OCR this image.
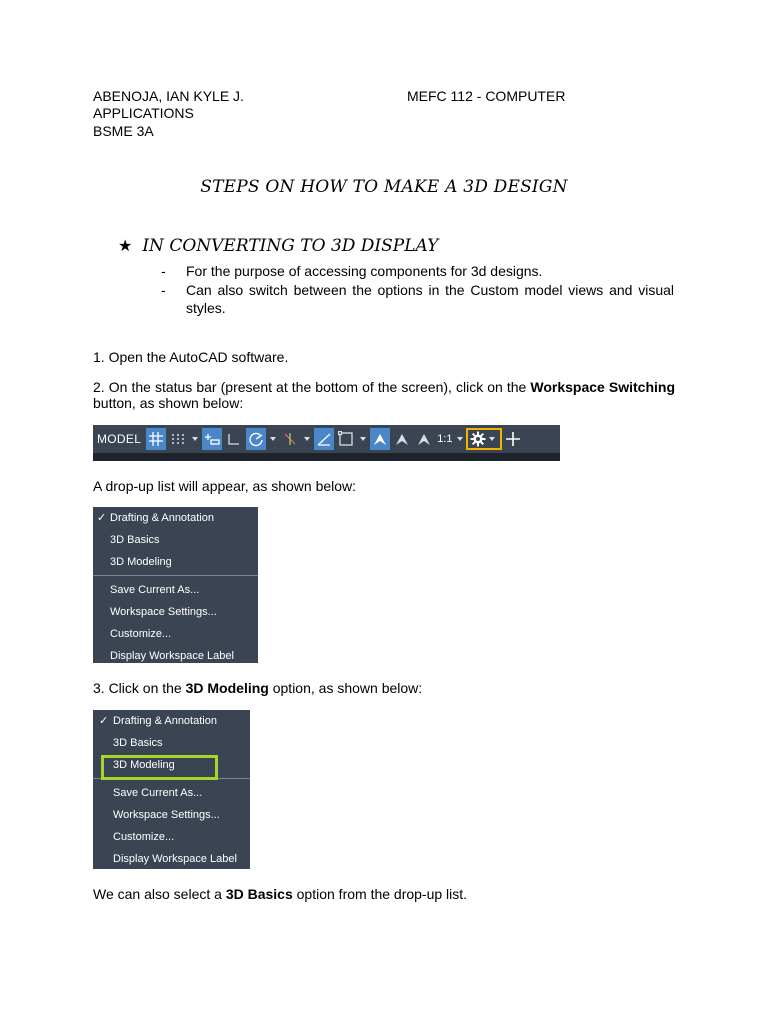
ABENOJA, IAN KYLE J.	MEFC 112 - COMPUTER
APPLICATIONS
BSME 3A
STEPS ON HOW TO MAKE A 3D DESIGN
★ IN CONVERTING TO 3D DISPLAY
-	For the purpose of accessing components for 3d designs.
-	Can also switch between the options in the Custom model views and visual styles.
1. Open the AutoCAD software.
2. On the status bar (present at the bottom of the screen), click on the Workspace Switching button, as shown below:
MODEL	1:1
A drop-up list will appear, as shown below:
✓ Drafting & Annotation
3D Basics
3D Modeling
Save Current As...
Workspace Settings...
Customize...
Display Workspace Label
3. Click on the 3D Modeling option, as shown below:
✓ Drafting & Annotation
3D Basics
3D Modeling
Save Current As...
Workspace Settings...
Customize...
Display Workspace Label
We can also select a 3D Basics option from the drop-up list.
